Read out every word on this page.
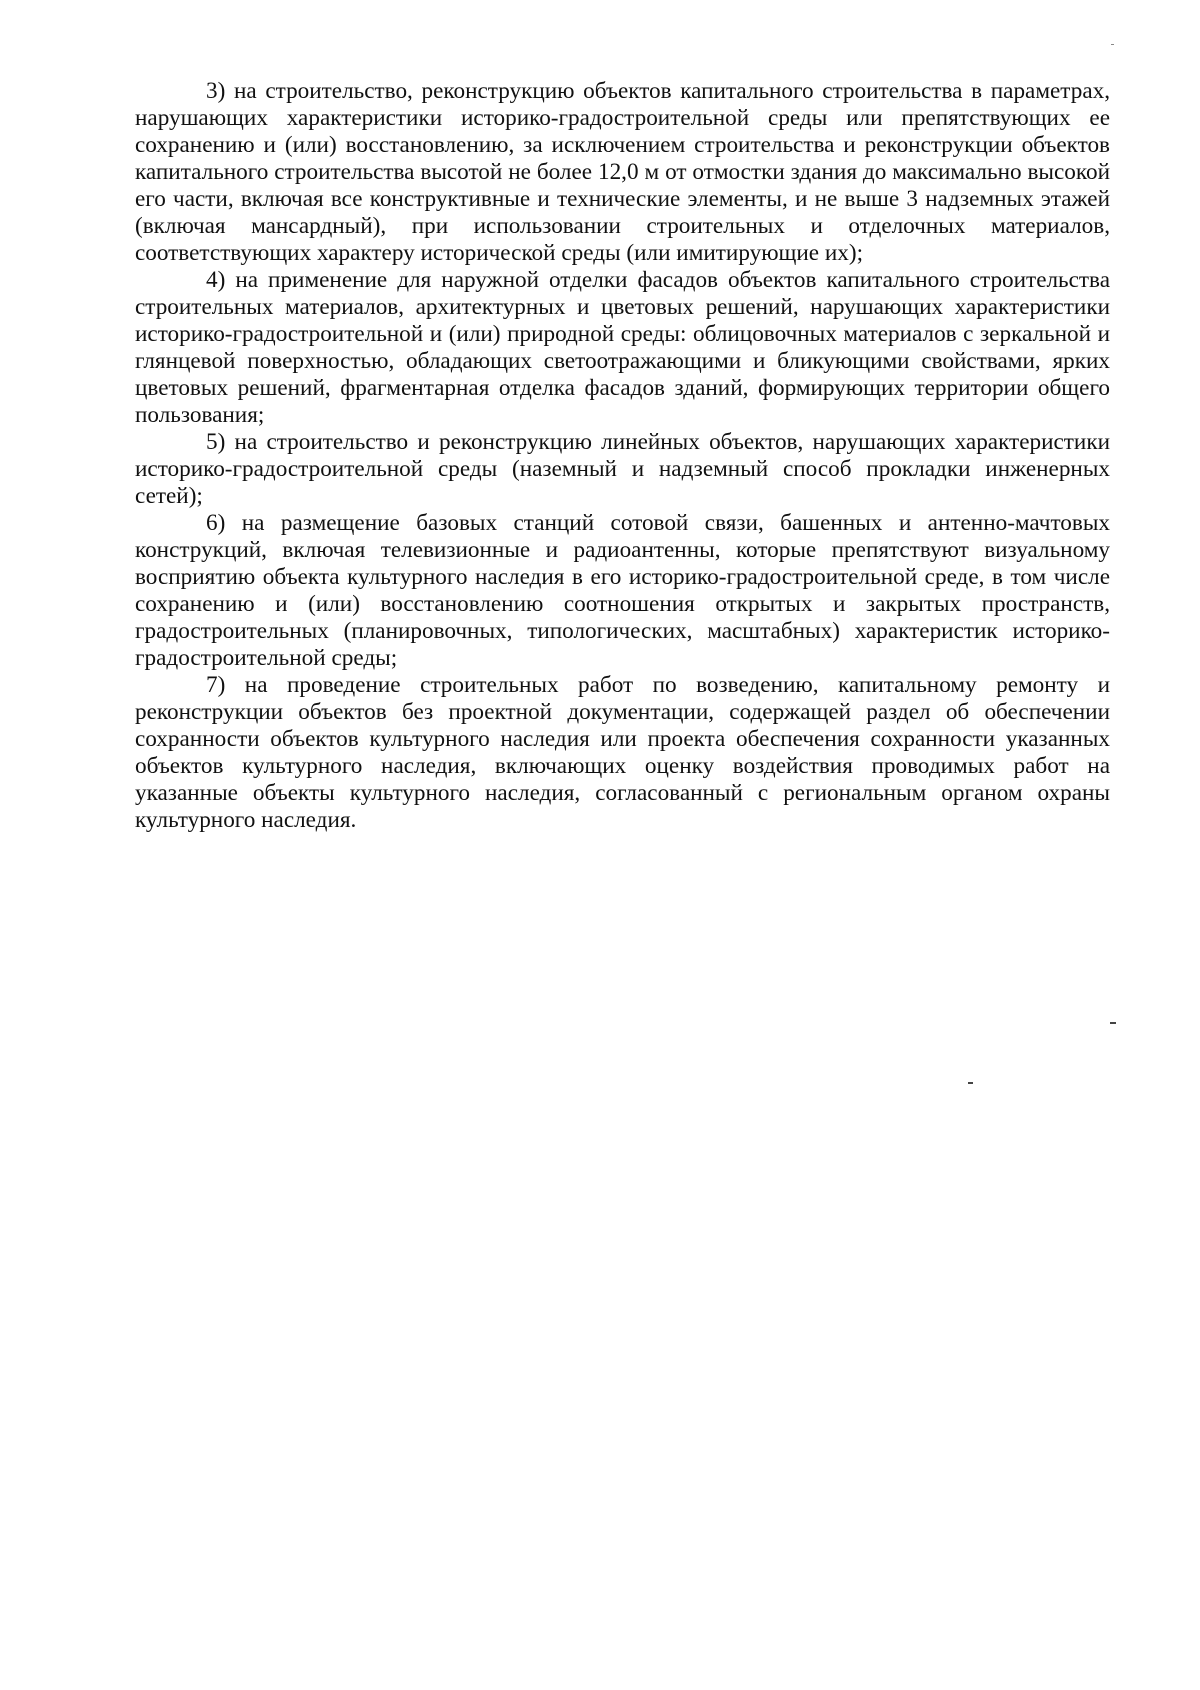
3) на строительство, реконструкцию объектов капитального строительства в параметрах, нарушающих характеристики историко-градостроительной среды или препятствующих ее сохранению и (или) восстановлению, за исключением строительства и реконструкции объектов капитального строительства высотой не более 12,0 м от отмостки здания до максимально высокой его части, включая все конструктивные и технические элементы, и не выше 3 надземных этажей (включая мансардный), при использовании строительных и отделочных материалов, соответствующих характеру исторической среды (или имитирующие их);

4) на применение для наружной отделки фасадов объектов капитального строительства строительных материалов, архитектурных и цветовых решений, нарушающих характеристики историко-градостроительной и (или) природной среды: облицовочных материалов с зеркальной и глянцевой поверхностью, обладающих светоотражающими и бликующими свойствами, ярких цветовых решений, фрагментарная отделка фасадов зданий, формирующих территории общего пользования;

5) на строительство и реконструкцию линейных объектов, нарушающих характеристики историко-градостроительной среды (наземный и надземный способ прокладки инженерных сетей);

6) на размещение базовых станций сотовой связи, башенных и антенно-мачтовых конструкций, включая телевизионные и радиоантенны, которые препятствуют визуальному восприятию объекта культурного наследия в его историко-градостроительной среде, в том числе сохранению и (или) восстановлению соотношения открытых и закрытых пространств, градостроительных (планировочных, типологических, масштабных) характеристик историко-градостроительной среды;

7) на проведение строительных работ по возведению, капитальному ремонту и реконструкции объектов без проектной документации, содержащей раздел об обеспечении сохранности объектов культурного наследия или проекта обеспечения сохранности указанных объектов культурного наследия, включающих оценку воздействия проводимых работ на указанные объекты культурного наследия, согласованный с региональным органом охраны культурного наследия.
